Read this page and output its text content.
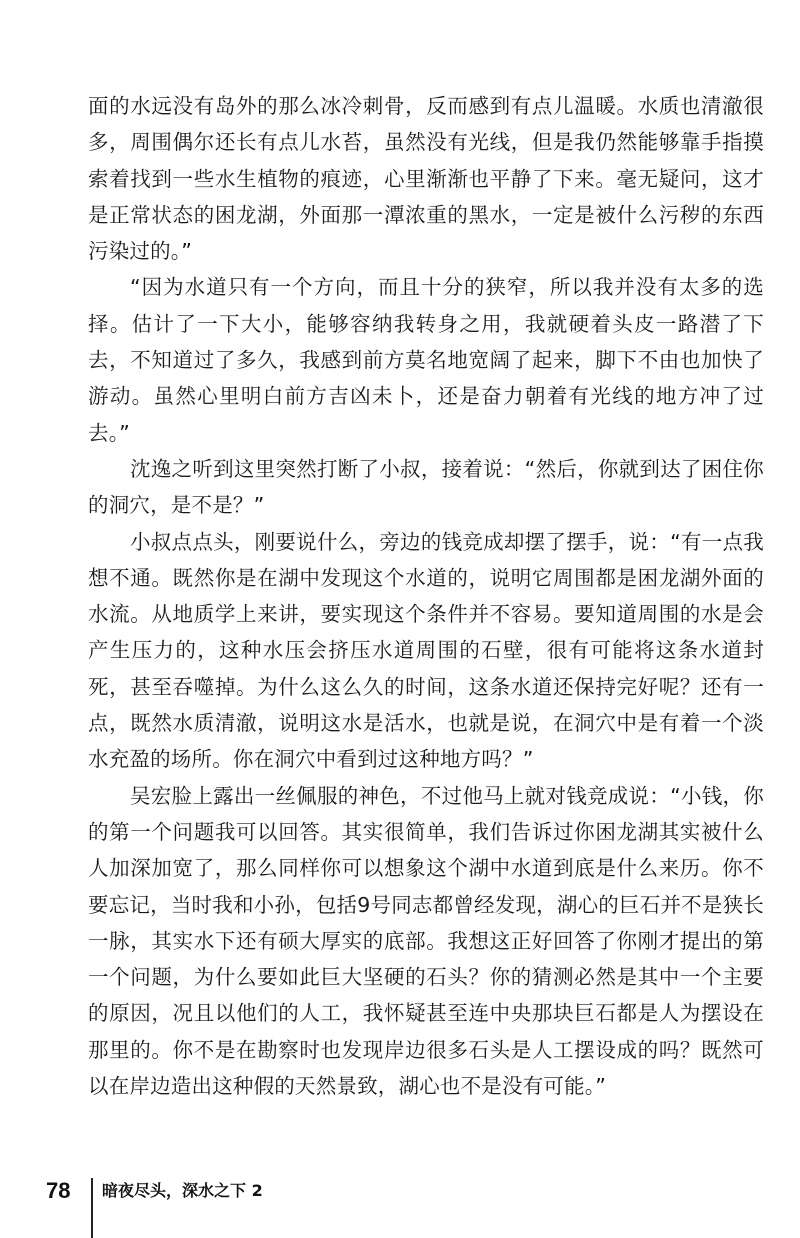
面的水远没有岛外的那么冰冷刺骨，反而感到有点儿温暖。水质也清澈很多，周围偶尔还长有点儿水苔，虽然没有光线，但是我仍然能够靠手指摸索着找到一些水生植物的痕迹，心里渐渐也平静了下来。毫无疑问，这才是正常状态的困龙湖，外面那一潭浓重的黑水，一定是被什么污秽的东西污染过的。”

“因为水道只有一个方向，而且十分的狭窄，所以我并没有太多的选择。估计了一下大小，能够容纳我转身之用，我就硬着头皮一路潜了下去，不知道过了多久，我感到前方莫名地宽阔了起来，脚下不由也加快了游动。虽然心里明白前方吉凶未卜，还是奋力朝着有光线的地方冲了过去。”

沈逸之听到这里突然打断了小叔，接着说：“然后，你就到达了困住你的洞穴，是不是？”

小叔点点头，刚要说什么，旁边的钱竞成却摆了摆手，说：“有一点我想不通。既然你是在湖中发现这个水道的，说明它周围都是困龙湖外面的水流。从地质学上来讲，要实现这个条件并不容易。要知道周围的水是会产生压力的，这种水压会挤压水道周围的石壁，很有可能将这条水道封死，甚至吞噬掉。为什么这么久的时间，这条水道还保持完好呢？还有一点，既然水质清澈，说明这水是活水，也就是说，在洞穴中是有着一个淡水充盈的场所。你在洞穴中看到过这种地方吗？”

吴宏脸上露出一丝佩服的神色，不过他马上就对钱竞成说：“小钱，你的第一个问题我可以回答。其实很简单，我们告诉过你困龙湖其实被什么人加深加宽了，那么同样你可以想象这个湖中水道到底是什么来历。你不要忘记，当时我和小孙，包括9号同志都曾经发现，湖心的巨石并不是狭长一脉，其实水下还有硕大厚实的底部。我想这正好回答了你刚才提出的第一个问题，为什么要如此巨大坚硬的石头？你的猜测必然是其中一个主要的原因，况且以他们的人工，我怀疑甚至连中央那块巨石都是人为摆设在那里的。你不是在勘察时也发现岸边很多石头是人工摆设成的吗？既然可以在岸边造出这种假的天然景致，湖心也不是没有可能。”

78 暗夜尽头，深水之下 2
